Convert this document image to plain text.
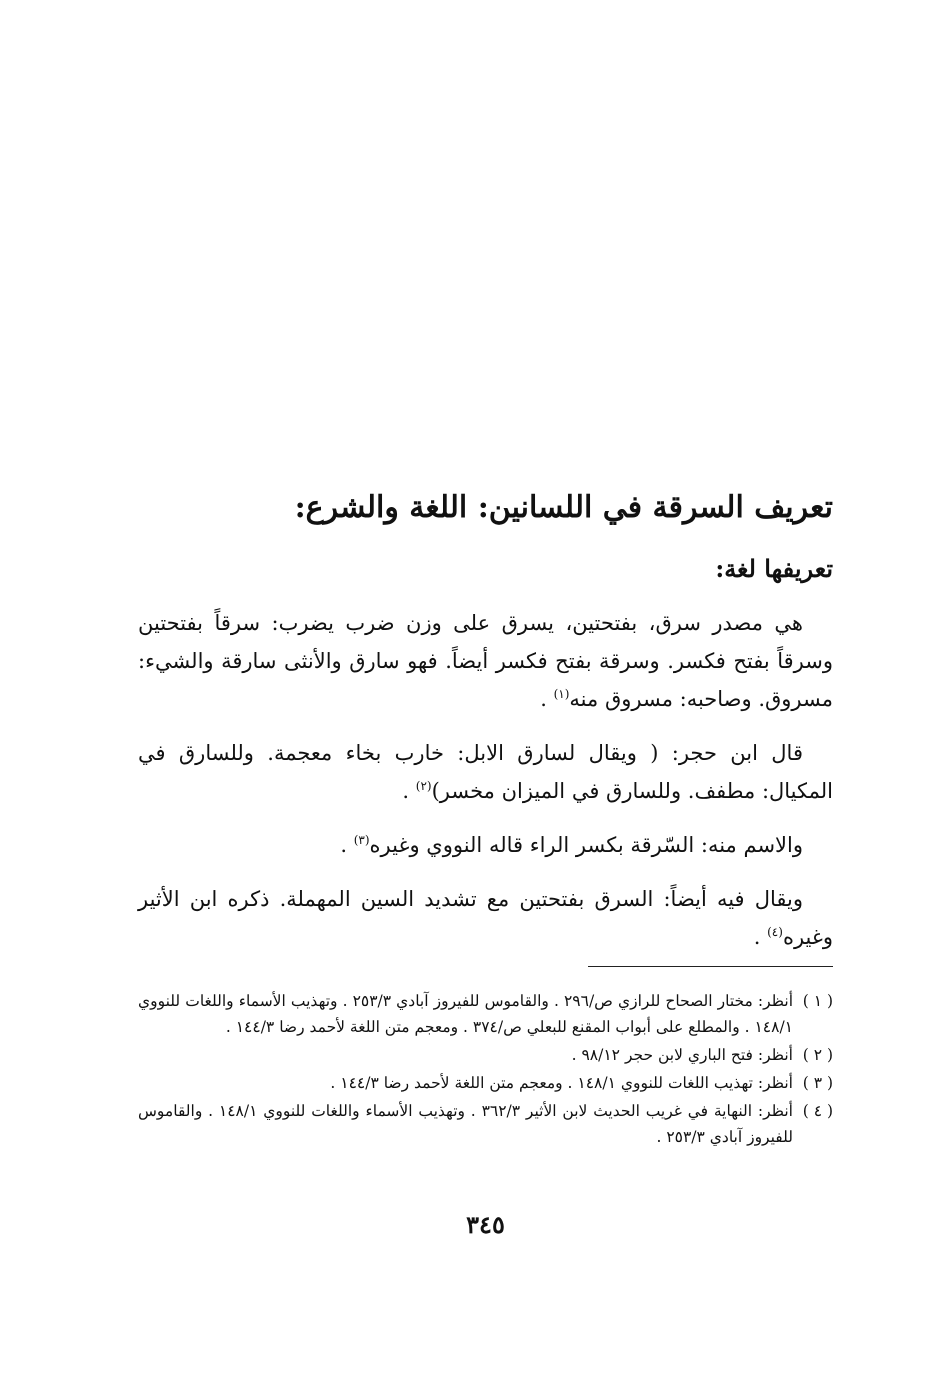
تعريف السرقة في اللسانين: اللغة والشرع:
تعريفها لغة:

هي مصدر سرق، بفتحتين، يسرق على وزن ضرب يضرب: سرقاً بفتحتين وسرقاً بفتح فكسر. وسرقة بفتح فكسر أيضاً. فهو سارق والأنثى سارقة والشيء: مسروق. وصاحبه: مسروق منه$^{(١)}$ .

قال ابن حجر: ( ويقال لسارق الابل: خارب بخاء معجمة. وللسارق في المكيال: مطفف. وللسارق في الميزان مخسر)$^{(٢)}$ .

والاسم منه: السّرقة بكسر الراء قاله النووي وغيره$^{(٣)}$ .

ويقال فيه أيضاً: السرق بفتحتين مع تشديد السين المهملة. ذكره ابن الأثير وغيره$^{(٤)}$ .

( ١ )
أنظر: مختار الصحاح للرازي ص/٢٩٦ . والقاموس للفيروز آبادي ٢٥٣/٣ . وتهذيب الأسماء واللغات للنووي ١٤٨/١ . والمطلع على أبواب المقنع للبعلي ص/٣٧٤ . ومعجم متن اللغة لأحمد رضا ١٤٤/٣ .
( ٢ )
أنظر: فتح الباري لابن حجر ٩٨/١٢ .
( ٣ )
أنظر: تهذيب اللغات للنووي ١٤٨/١ . ومعجم متن اللغة لأحمد رضا ١٤٤/٣ .
( ٤ )
أنظر: النهاية في غريب الحديث لابن الأثير ٣٦٢/٣ . وتهذيب الأسماء واللغات للنووي ١٤٨/١ . والقاموس للفيروز آبادي ٢٥٣/٣ .

٣٤٥
